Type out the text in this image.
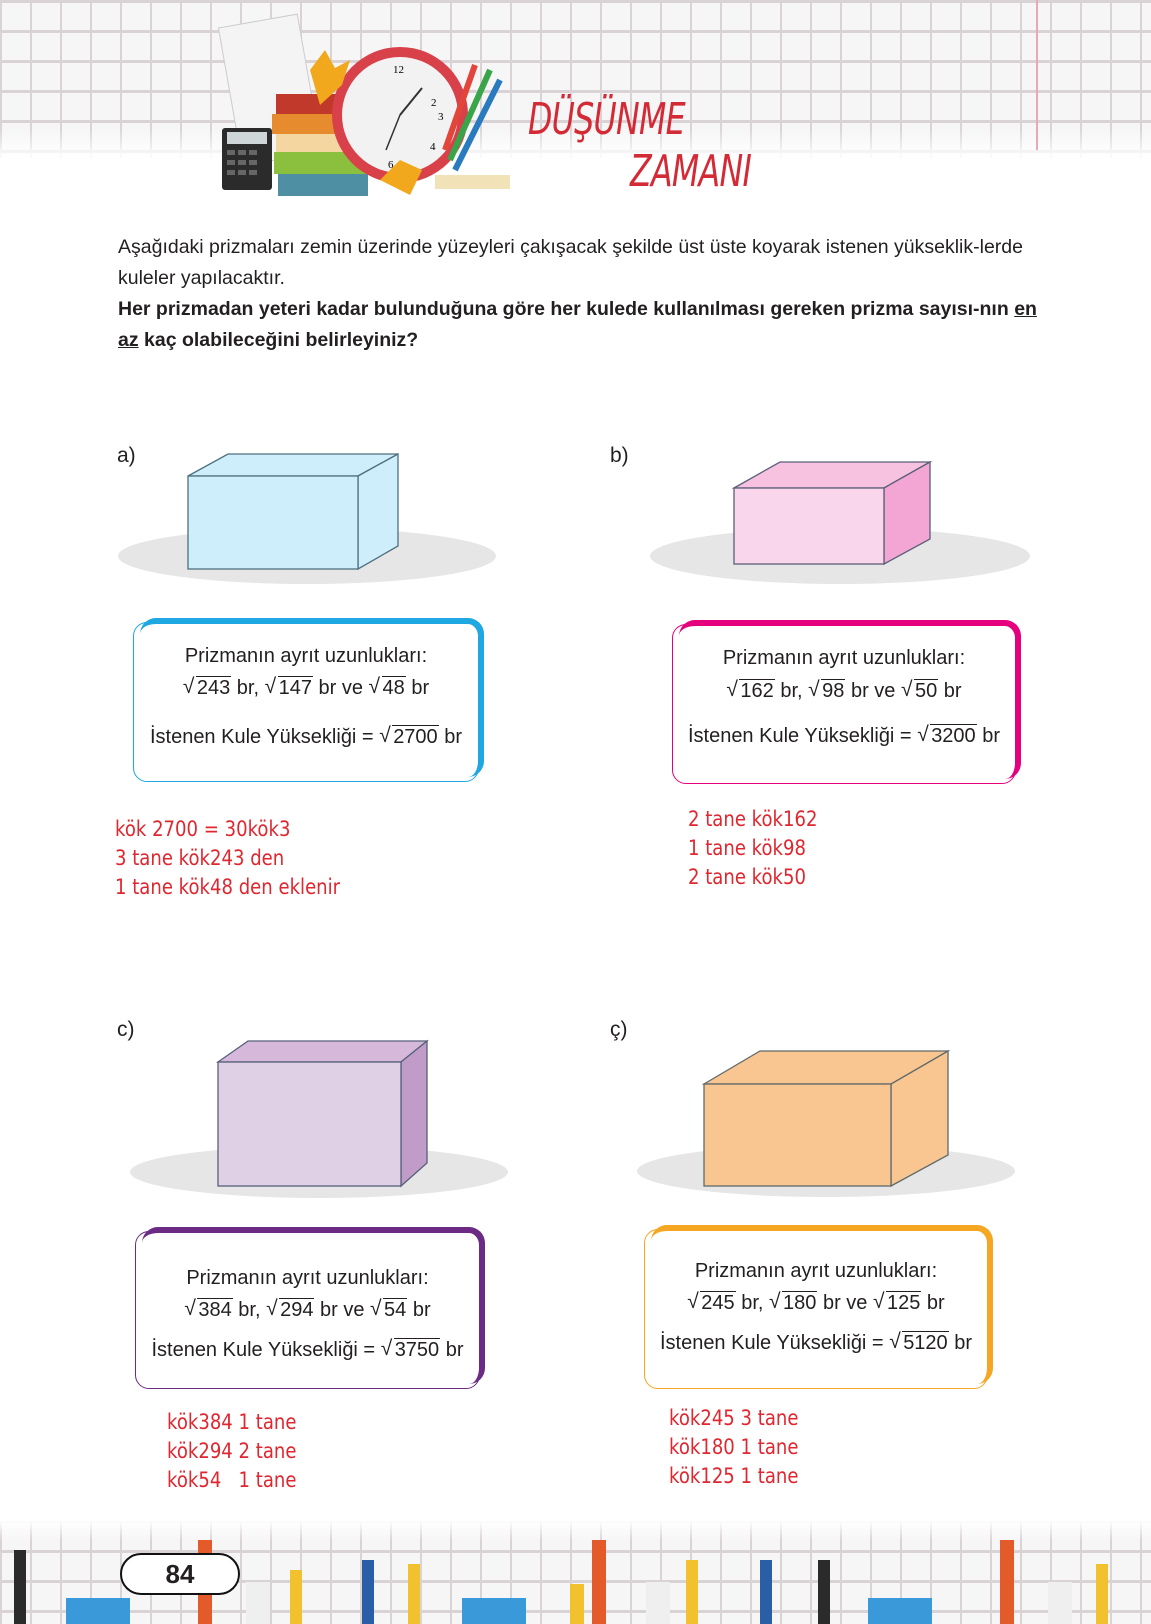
12
2
3
4
6
DÜŞÜNME
ZAMANI
Aşağıdaki prizmaları zemin üzerinde yüzeyleri çakışacak şekilde üst üste koyarak istenen yükseklik-lerde kuleler yapılacaktır.
Her prizmadan yeteri kadar bulunduğuna göre her kulede kullanılması gereken prizma sayısı-nın en az kaç olabileceğini belirleyiniz?
a)
Prizmanın ayrıt uzunlukları:
√ 243 br, √ 147 br ve √ 48 br
İstenen Kule Yüksekliği = √ 2700 br
kök 2700 = 30kök3
3 tane kök243 den
1 tane kök48 den eklenir
b)
Prizmanın ayrıt uzunlukları:
√ 162 br, √ 98 br ve √ 50 br
İstenen Kule Yüksekliği = √ 3200 br
2 tane kök162
1 tane kök98
2 tane kök50
c)
Prizmanın ayrıt uzunlukları:
√ 384 br, √ 294 br ve √ 54 br
İstenen Kule Yüksekliği = √ 3750 br
kök384 1 tane
kök294 2 tane
kök54   1 tane
ç)
Prizmanın ayrıt uzunlukları:
√ 245 br, √ 180 br ve √ 125 br
İstenen Kule Yüksekliği = √ 5120 br
kök245 3 tane
kök180 1 tane
kök125 1 tane
84
